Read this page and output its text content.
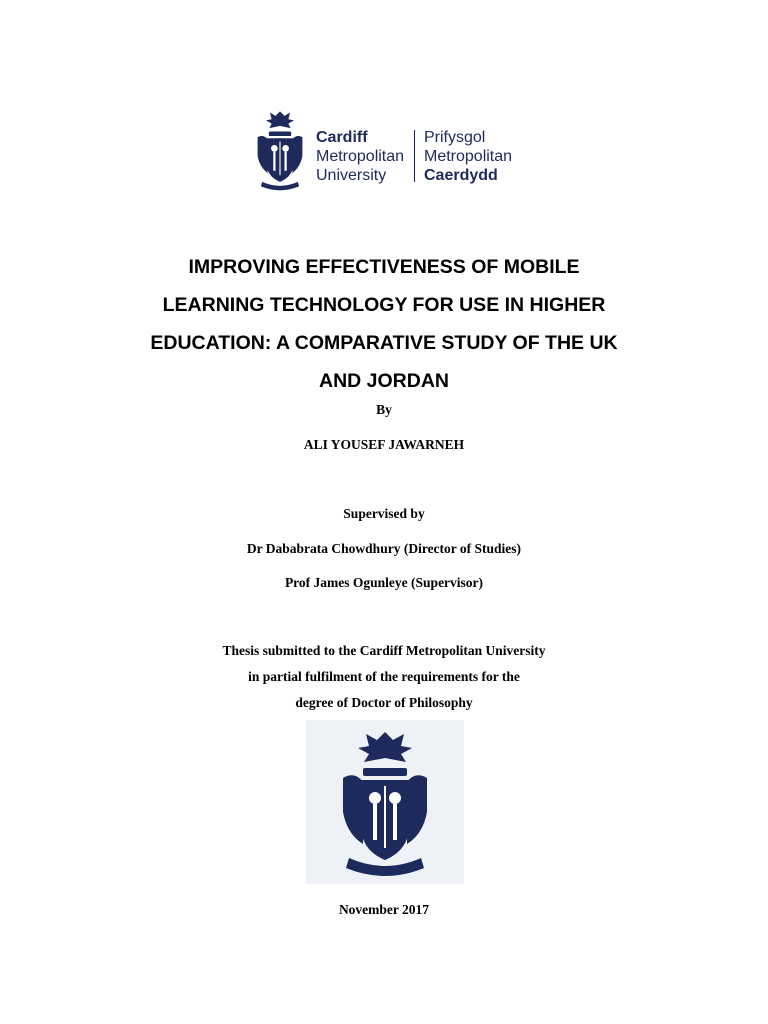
Cardiff
Metropolitan
University
Prifysgol
Metropolitan
Caerdydd
IMPROVING EFFECTIVENESS OF MOBILE
LEARNING TECHNOLOGY FOR USE IN HIGHER
EDUCATION: A COMPARATIVE STUDY OF THE UK
AND JORDAN
By
ALI YOUSEF JAWARNEH
Supervised by
Dr Dababrata Chowdhury (Director of Studies)
Prof James Ogunleye (Supervisor)
Thesis submitted to the Cardiff Metropolitan University
in partial fulfilment of the requirements for the
degree of Doctor of Philosophy
November 2017
